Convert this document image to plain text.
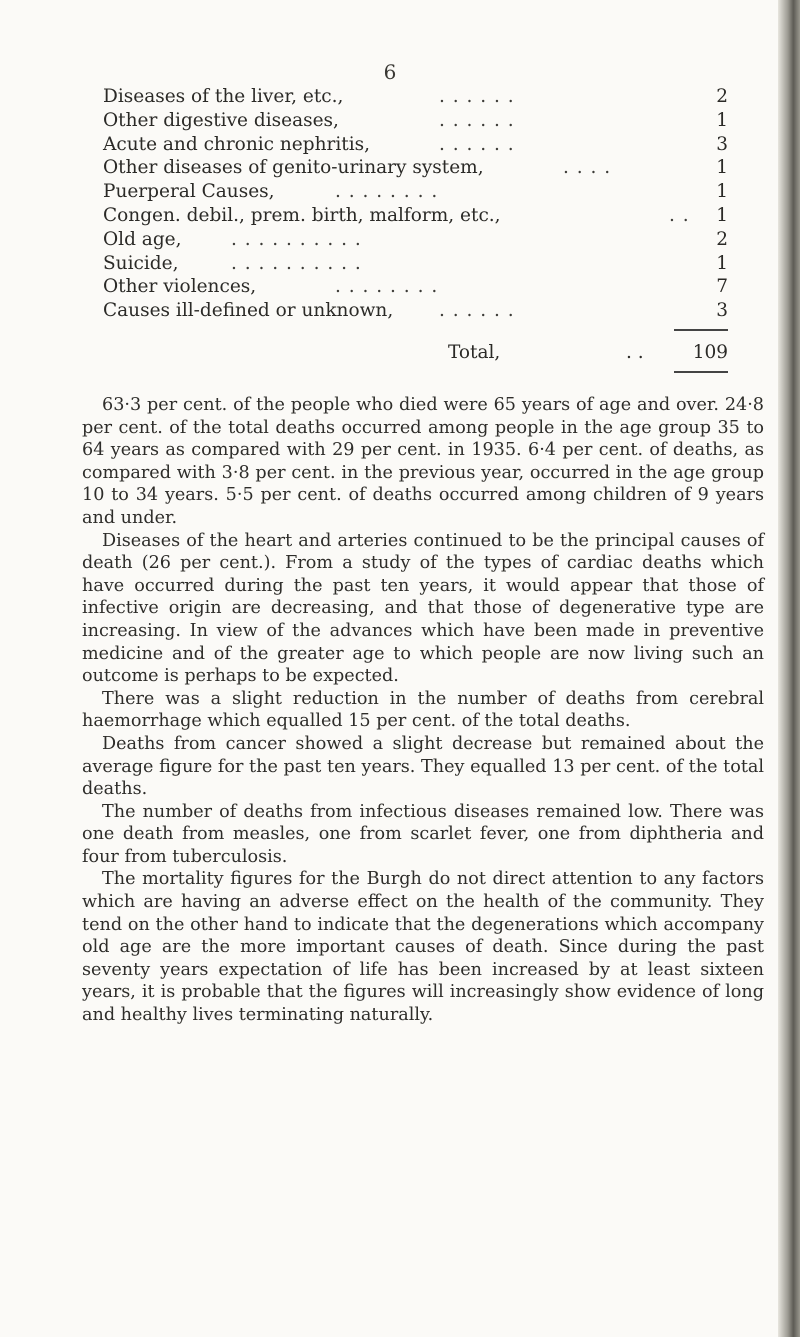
6
Diseases of the liver, etc.,	. . . . . .	2
Other digestive diseases,	. . . . . .	1
Acute and chronic nephritis,	. . . . . .	3
Other diseases of genito-urinary system,	. . . .	1
Puerperal Causes,	. . . . . . . .	1
Congen. debil., prem. birth, malform, etc.,	. .	1
Old age,	. . . . . . . . . .	2
Suicide,	. . . . . . . . . .	1
Other violences,	. . . . . . . .	7
Causes ill-defined or unknown, . . . . . .	3
Total,	. .	109

63·3 per cent. of the people who died were 65 years of age and over. 24·8 per cent. of the total deaths occurred among people in the age group 35 to 64 years as compared with 29 per cent. in 1935. 6·4 per cent. of deaths, as compared with 3·8 per cent. in the previous year, occurred in the age group 10 to 34 years. 5·5 per cent. of deaths occurred among children of 9 years and under.

Diseases of the heart and arteries continued to be the principal causes of death (26 per cent.). From a study of the types of cardiac deaths which have occurred during the past ten years, it would appear that those of infective origin are decreasing, and that those of degenerative type are increasing. In view of the advances which have been made in preventive medicine and of the greater age to which people are now living such an outcome is perhaps to be expected.

There was a slight reduction in the number of deaths from cerebral haemorrhage which equalled 15 per cent. of the total deaths.

Deaths from cancer showed a slight decrease but remained about the average figure for the past ten years. They equalled 13 per cent. of the total deaths.

The number of deaths from infectious diseases remained low. There was one death from measles, one from scarlet fever, one from diphtheria and four from tuberculosis.

The mortality figures for the Burgh do not direct attention to any factors which are having an adverse effect on the health of the community. They tend on the other hand to indicate that the degenerations which accompany old age are the more important causes of death. Since during the past seventy years expectation of life has been increased by at least sixteen years, it is probable that the figures will increasingly show evidence of long and healthy lives terminating naturally.
